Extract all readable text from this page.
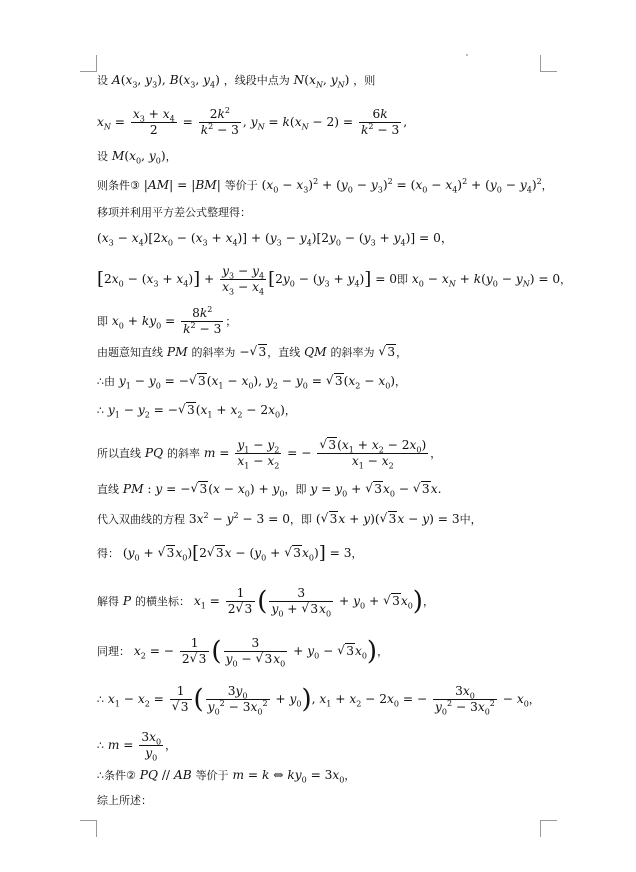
设 $A(x_3$, $y_3$), $B(x_3$, $y_4$) ，线段中点为 $N(x_N$, $y_N$) ，则
$x_N = \frac{x_3 + x_4}{2} = \frac{2k^2}{k^2 - 3}$ , $y_N = k(x_N - 2) = \frac{6k}{k^2 - 3}$ ,
设 $M(x_0$, $y_0$)，
则条件③ |AM| = |BM| 等价于 $(x_0 - x_3)^2 + (y_0 - y_3)^2 = (x_0 - x_4)^2 + (y_0 - y_4)^2$，
移项并利用平方差公式整理得：
$(x_3 - x_4)[2x_0 - (x_3 + x_4)] + (y_3 - y_4)[2y_0 - (y_3 + y_4)] = 0$，
$[2x_0 - (x_3 + x_4)] + \frac{y_3 - y_4}{x_3 - x_4} [2y_0 - (y_3 + y_4)] = 0$即 $x_0 - x_N + k(y_0 - y_N) = 0$，
即 $x_0 + ky_0 = \frac{8k^2}{k^2 - 3}$ ；
由题意知直线 PM 的斜率为 −√ 3，直线 QM 的斜率为 √ 3，
∴由 $y_1 - y_0$ = −√ $3(x_1 - x_0)$, $y_2 - y_0$ = √ $3(x_2 - x_0)$，
∴ $y_1 - y_2$ = −√ $3(x_1 + x_2 - 2x_0)$，
所以直线 PQ 的斜率 $m = \frac{y_1 - y_2}{x_1 - x_2}$ = −
√ $\frac{3(x_1 + x_2 - 2x_0)}{x_1 - x_2}$ ，
直线 PM : y = −√ $3(x - x_0) + y_0$，即 $y = y_0$ + √ $3x_0$ − √ 3x.
代入双曲线的方程 $3x^2 - y^2 - 3 = 0$，即 (√ 3x + y)(√ 3x − y) = 3中，
得： ($y_0$ + √ $3x_0)[2√$ $3x - (y_0$ + √ $3x_0)] = 3$，
解得 P 的横坐标： $x_1 = \frac{1}{2√ 3}$ ( $\frac{3}{y_0 + √ 3x_0} + y_0$ + √ $3x_0$)，
同理： $x_2$ = − $\frac{1}{2√ 3}$ ( $\frac{3}{y_0 - √ 3x_0} + y_0$ − √ $3x_0$)，
∴ $x_1 - x_2 = 1$
√ 3 ( $\frac{3y_0}{y_0^2 - 3x_0^2} + y_0$), $x_1 + x_2 - 2x_0$ = − $\frac{3x_0}{y_0^2 - 3x_0^2} - x_0$，
∴ $m = \frac{3x_0}{y_0}$ ，
∴条件② PQ // AB 等价于 m = k ⇔ $ky_0 = 3x_0$，
综上所述：
